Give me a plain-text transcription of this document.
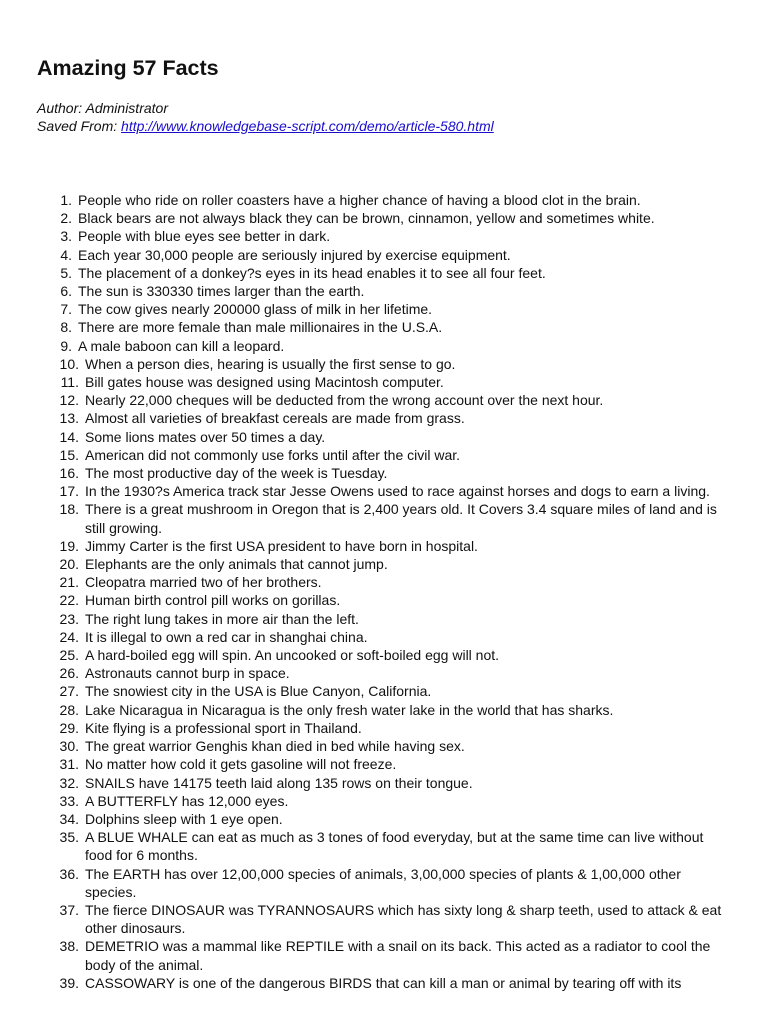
Amazing 57 Facts
Author: Administrator
Saved From: http://www.knowledgebase-script.com/demo/article-580.html
1. People who ride on roller coasters have a higher chance of having a blood clot in the brain.
2. Black bears are not always black they can be brown, cinnamon, yellow and sometimes white.
3. People with blue eyes see better in dark.
4. Each year 30,000 people are seriously injured by exercise equipment.
5. The placement of a donkey?s eyes in its head enables it to see all four feet.
6. The sun is 330330 times larger than the earth.
7. The cow gives nearly 200000 glass of milk in her lifetime.
8. There are more female than male millionaires in the U.S.A.
9. A male baboon can kill a leopard.
10. When a person dies, hearing is usually the first sense to go.
11. Bill gates house was designed using Macintosh computer.
12. Nearly 22,000 cheques will be deducted from the wrong account over the next hour.
13. Almost all varieties of breakfast cereals are made from grass.
14. Some lions mates over 50 times a day.
15. American did not commonly use forks until after the civil war.
16. The most productive day of the week is Tuesday.
17. In the 1930?s America track star Jesse Owens used to race against horses and dogs to earn a living.
18. There is a great mushroom in Oregon that is 2,400 years old. It Covers 3.4 square miles of land and is still growing.
19. Jimmy Carter is the first USA president to have born in hospital.
20. Elephants are the only animals that cannot jump.
21. Cleopatra married two of her brothers.
22. Human birth control pill works on gorillas.
23. The right lung takes in more air than the left.
24. It is illegal to own a red car in shanghai china.
25. A hard-boiled egg will spin. An uncooked or soft-boiled egg will not.
26. Astronauts cannot burp in space.
27. The snowiest city in the USA is Blue Canyon, California.
28. Lake Nicaragua in Nicaragua is the only fresh water lake in the world that has sharks.
29. Kite flying is a professional sport in Thailand.
30. The great warrior Genghis khan died in bed while having sex.
31. No matter how cold it gets gasoline will not freeze.
32. SNAILS have 14175 teeth laid along 135 rows on their tongue.
33. A BUTTERFLY has 12,000 eyes.
34. Dolphins sleep with 1 eye open.
35. A BLUE WHALE can eat as much as 3 tones of food everyday, but at the same time can live without food for 6 months.
36. The EARTH has over 12,00,000 species of animals, 3,00,000 species of plants & 1,00,000 other species.
37. The fierce DINOSAUR was TYRANNOSAURS which has sixty long & sharp teeth, used to attack & eat other dinosaurs.
38. DEMETRIO was a mammal like REPTILE with a snail on its back. This acted as a radiator to cool the body of the animal.
39. CASSOWARY is one of the dangerous BIRDS that can kill a man or animal by tearing off with its
